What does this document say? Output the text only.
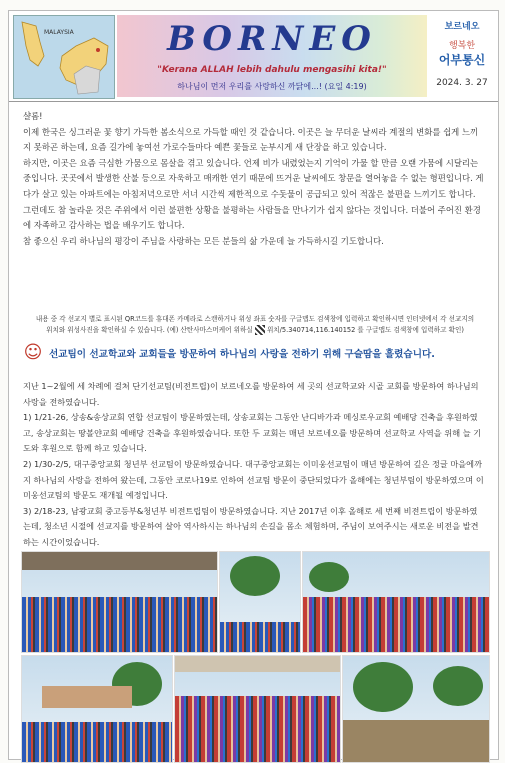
MALAYSIA	BORNEO
"Kerana ALLAH lebih dahulu mengasihi kita!"
하나님이 먼저 우리를 사랑하신 까닭에...! (요일 4:19)
보르네오
행복한
어부통신
2024. 3. 27

샬롬!

이제 한국은 싱그러운 꽃 향기 가득한 봄소식으로 가득할 때인 것 같습니다. 이곳은 늘 무더운 날씨라 계절의 변화를 쉽게 느끼지 못하곤 하는데, 요즘 길가에 놓여선 가로수들마다 예쁜 꽃들로 눈부시게 새 단장을 하고 있습니다.

하지만, 이곳은 요즘 극심한 가뭄으로 몸살을 겪고 있습니다. 언제 비가 내렸었는지 기억이 가물 할 만큼 오랜 가뭄에 시달리는 중입니다. 곳곳에서 발생한 산불 등으로 자욱하고 매캐한 연기 때문에 뜨거운 날씨에도 창문을 열어놓을 수 없는 형편입니다. 게다가 살고 있는 아파트에는 아침저녁으로만 서너 시간씩 제한적으로 수돗물이 공급되고 있어 적잖은 불편을 느끼기도 합니다.

그런데도 참 놀라운 것은 주위에서 이런 불편한 상황을 불평하는 사람들을 만나기가 쉽지 않다는 것입니다. 더불어 주어진 환경에 자족하고 감사하는 법을 배우기도 합니다.

참 좋으신 우리 하나님의 평강이 주님을 사랑하는 모든 분들의 삶 가운데 늘 가득하시길 기도합니다.

내용 중 각 선교지 별로 표시된 QR코드를 휴대폰 카메라로 스캔하거나 위성 좌표 숫자를 구글맵도 검색창에 입력하고 확인하시면 인터넷에서 각 선교지의
위치와 위성사진을 확인하실 수 있습니다. (예) 산탄사마스머케어 위하실 위치/5.340714,116.140152 를 구글맵도 검색창에 입력하고 확인)
☺ 선교팀이 선교학교와 교회들을 방문하여 하나님의 사랑을 전하기 위해 구슬땀을 흘렸습니다.

지난 1~2월에 세 차례에 걸쳐 단기선교팀(비전트립)이 보르네오를 방문하여 세 곳의 선교학교와 시골 교회를 방문하여 하나님의 사랑을 전하였습니다.

1) 1/21-26, 상송&송상교회 연합 선교팀이 방문하였는데, 상송교회는 그동안 난디바가과 메싱로우교회 예배당 건축을 후원하였고, 송상교회는 땅볼얀교회 예배당 건축을 후원하였습니다. 또한 두 교회는 매년 보르네오를 방문하며 선교학교 사역을 위해 늘 기도와 후원으로 함께 하고 있습니다.

2) 1/30-2/5, 대구중앙교회 청년부 선교팀이 방문하였습니다. 대구중앙교회는 이미웅선교팀이 매년 방문하여 깊은 정글 마을에까지 하나님의 사랑을 전하여 왔는데, 그동안 코로나19로 인하여 선교팀 방문이 중단되었다가 올해에는 청년부팀이 방문하였으며 이미웅선교팀의 방문도 재개될 예정입니다.

3) 2/18-23, 남광교회 중고등부&청년부 비전트립팀이 방문하였습니다. 지난 2017년 이후 올해로 세 번째 비전트립이 방문하였는데, 청소년 시절에 선교지를 방문하여 살아 역사하시는 하나님의 손길을 몸소 체험하며, 주님이 보여주시는 새로운 비전을 발견하는 시간이었습니다.
